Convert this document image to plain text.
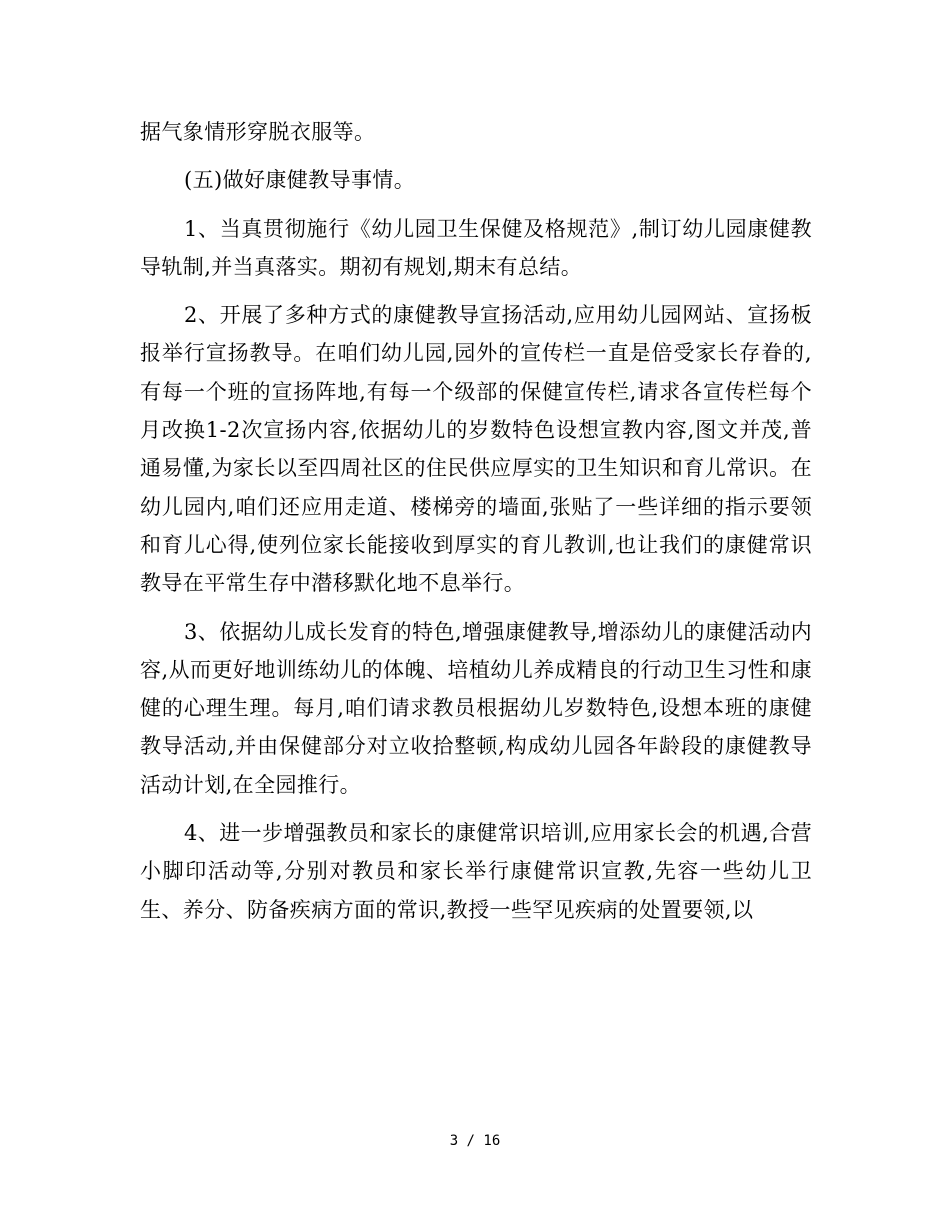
据气象情形穿脱衣服等。

(五)做好康健教导事情。

1、当真贯彻施行《幼儿园卫生保健及格规范》,制订幼儿园康健教导轨制,并当真落实。期初有规划,期末有总结。

2、开展了多种方式的康健教导宣扬活动,应用幼儿园网站、宣扬板报举行宣扬教导。在咱们幼儿园,园外的宣传栏一直是倍受家长存眷的,有每一个班的宣扬阵地,有每一个级部的保健宣传栏,请求各宣传栏每个月改换1-2次宣扬内容,依据幼儿的岁数特色设想宣教内容,图文并茂,普通易懂,为家长以至四周社区的住民供应厚实的卫生知识和育儿常识。在幼儿园内,咱们还应用走道、楼梯旁的墙面,张贴了一些详细的指示要领和育儿心得,使列位家长能接收到厚实的育儿教训,也让我们的康健常识教导在平常生存中潜移默化地不息举行。

3、依据幼儿成长发育的特色,增强康健教导,增添幼儿的康健活动内容,从而更好地训练幼儿的体魄、培植幼儿养成精良的行动卫生习性和康健的心理生理。每月,咱们请求教员根据幼儿岁数特色,设想本班的康健教导活动,并由保健部分对立收拾整顿,构成幼儿园各年龄段的康健教导活动计划,在全园推行。

4、进一步增强教员和家长的康健常识培训,应用家长会的机遇,合营小脚印活动等,分别对教员和家长举行康健常识宣教,先容一些幼儿卫生、养分、防备疾病方面的常识,教授一些罕见疾病的处置要领,以

3 / 16
